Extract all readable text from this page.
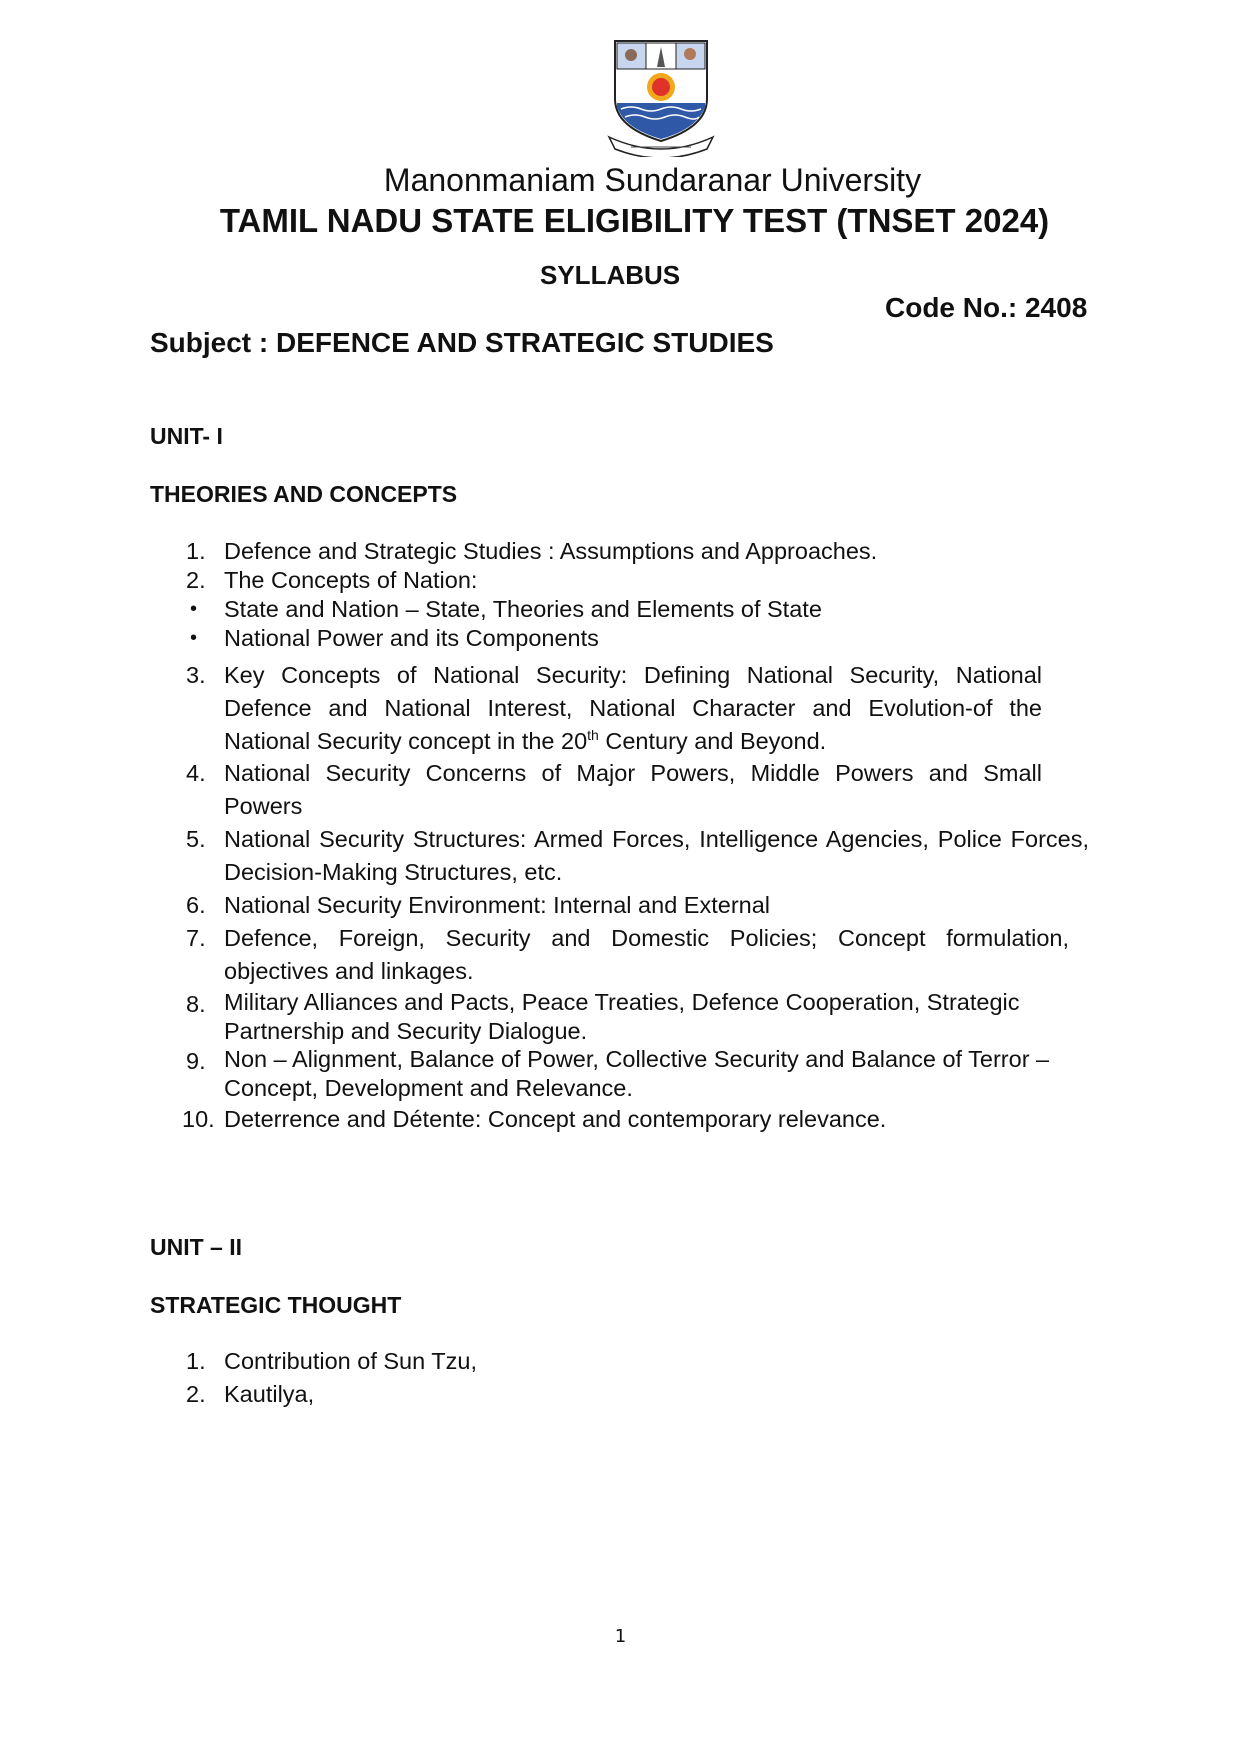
Manonmaniam Sundaranar University
TAMIL NADU STATE ELIGIBILITY TEST (TNSET 2024)
SYLLABUS
Code No.: 2408
Subject : DEFENCE AND STRATEGIC STUDIES
UNIT- I
THEORIES AND CONCEPTS
1. Defence and Strategic Studies : Assumptions and Approaches.
2. The Concepts of Nation:
• State and Nation – State, Theories and Elements of State
• National Power and its Components
3. Key Concepts of National Security: Defining National Security, National Defence and National Interest, National Character and Evolution-of the National Security concept in the 20th Century and Beyond.
4. National Security Concerns of Major Powers, Middle Powers and Small Powers
5. National Security Structures: Armed Forces, Intelligence Agencies, Police Forces, Decision-Making Structures, etc.
6. National Security Environment: Internal and External
7. Defence, Foreign, Security and Domestic Policies; Concept formulation, objectives and linkages.
8. Military Alliances and Pacts, Peace Treaties, Defence Cooperation, Strategic Partnership and Security Dialogue.
9. Non – Alignment, Balance of Power, Collective Security and Balance of Terror – Concept, Development and Relevance.
10. Deterrence and Détente: Concept and contemporary relevance.
UNIT – II
STRATEGIC THOUGHT
1. Contribution of Sun Tzu,
2. Kautilya,
1
